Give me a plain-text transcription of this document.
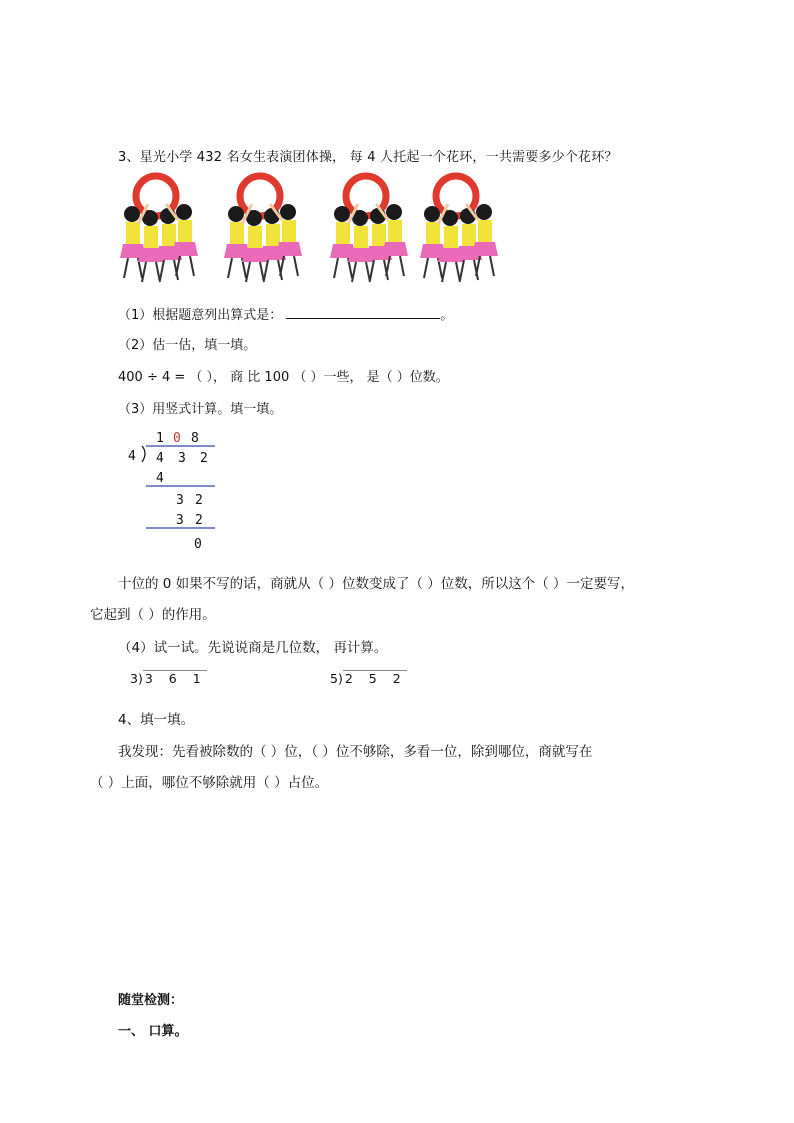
3、星光小学 432 名女生表演团体操， 每 4 人托起一个花环，一共需要多少个花环？
（1）根据题意列出算式是：	。
（2）估一估，填一填。
400 ÷ 4 = （ ）， 商 比 100 （ ）一些， 是（ ）位数。
（3）用竖式计算。填一填。
1 0 8
4 4 3 2
4
3 2
3 2
0
十位的 0 如果不写的话，商就从（ ）位数变成了（ ）位数，所以这个（ ）一定要写，
它起到（ ）的作用。
（4）试一试。先说说商是几位数， 再计算。
3) 3 6 1	5) 2 5 2
4、填一填。
我发现：先看被除数的（ ）位，（ ）位不够除，多看一位，除到哪位，商就写在
（ ）上面，哪位不够除就用（ ）占位。
随堂检测：
一、 口算。
